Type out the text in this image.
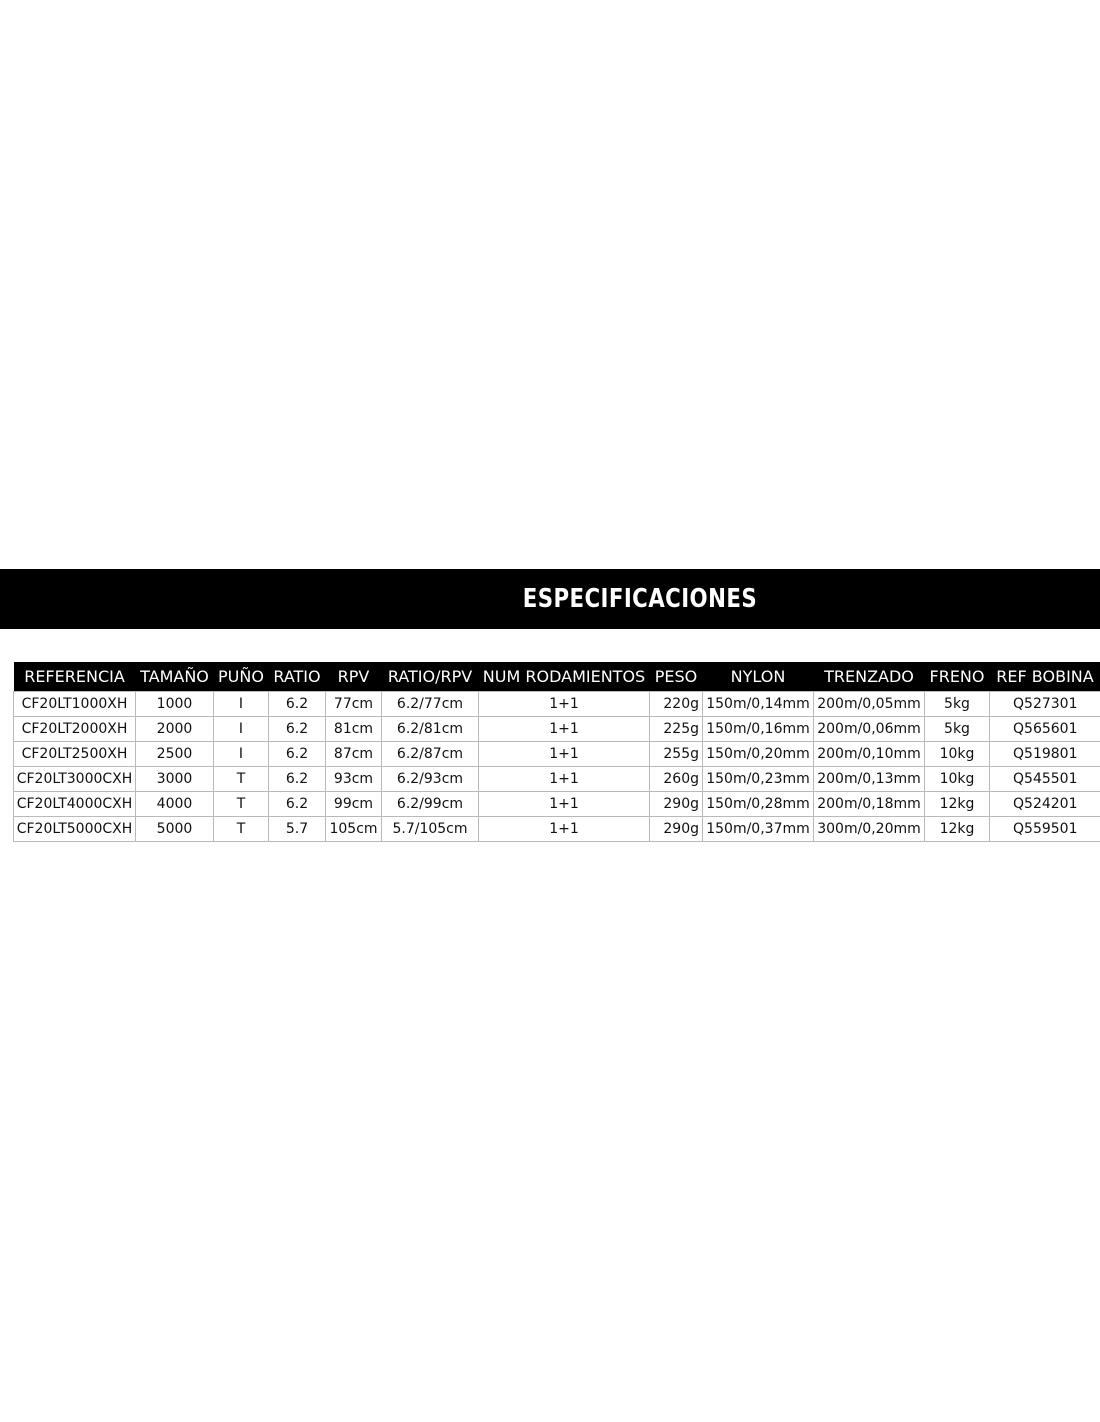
ESPECIFICACIONES
REFERENCIA	TAMAÑO	PUÑO	RATIO	RPV	RATIO/RPV	NUM RODAMIENTOS	PESO	NYLON	TRENZADO	FRENO	REF BOBINA
CF20LT1000XH	1000	I	6.2	77cm	6.2/77cm	1+1	220g	150m/0,14mm	200m/0,05mm	5kg	Q527301
CF20LT2000XH	2000	I	6.2	81cm	6.2/81cm	1+1	225g	150m/0,16mm	200m/0,06mm	5kg	Q565601
CF20LT2500XH	2500	I	6.2	87cm	6.2/87cm	1+1	255g	150m/0,20mm	200m/0,10mm	10kg	Q519801
CF20LT3000CXH	3000	T	6.2	93cm	6.2/93cm	1+1	260g	150m/0,23mm	200m/0,13mm	10kg	Q545501
CF20LT4000CXH	4000	T	6.2	99cm	6.2/99cm	1+1	290g	150m/0,28mm	200m/0,18mm	12kg	Q524201
CF20LT5000CXH	5000	T	5.7	105cm	5.7/105cm	1+1	290g	150m/0,37mm	300m/0,20mm	12kg	Q559501
